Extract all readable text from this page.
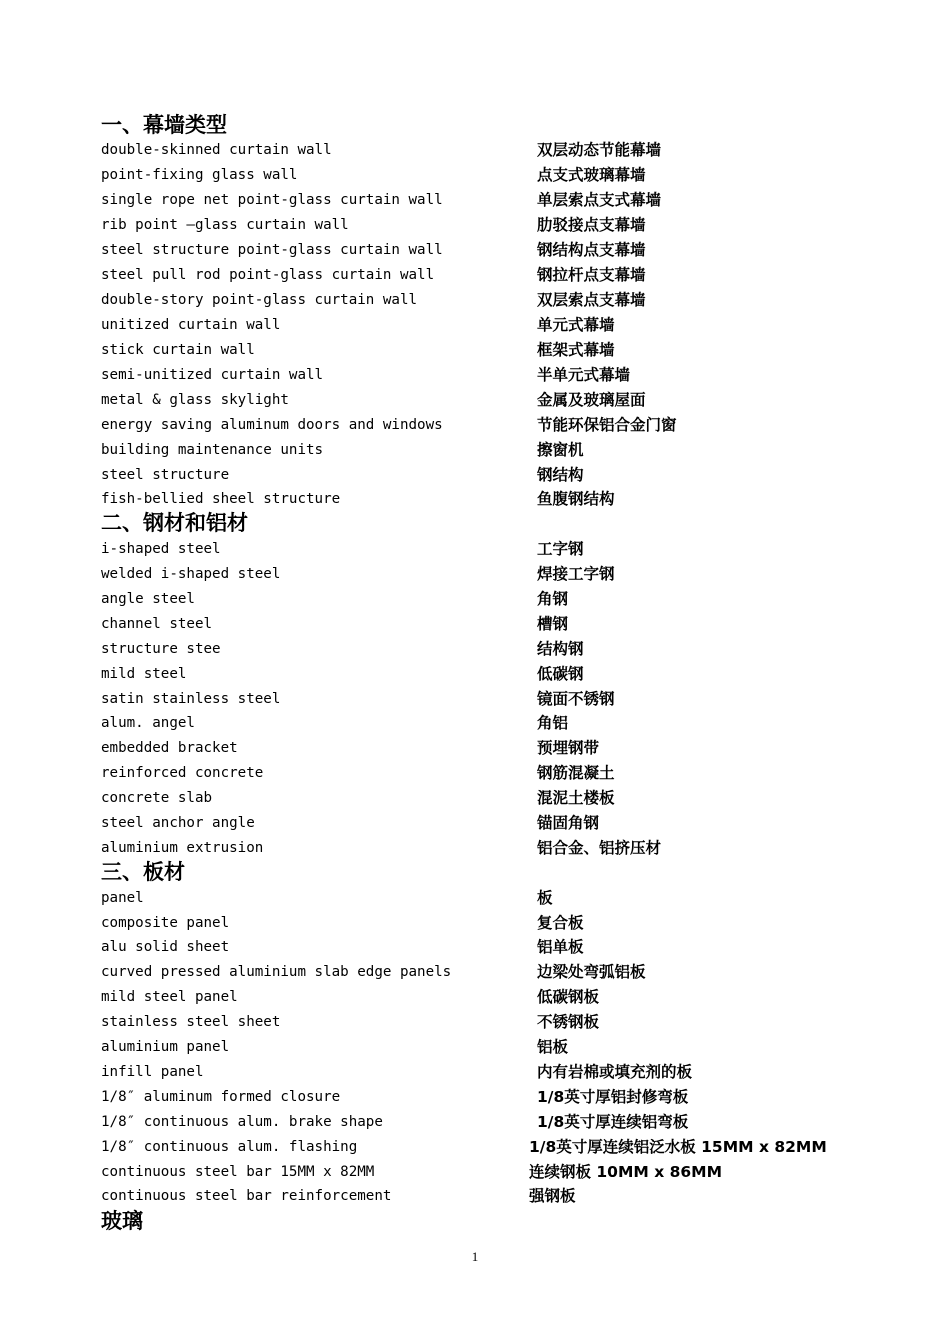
一、幕墙类型
double-skinned curtain wall	双层动态节能幕墙
point-fixing glass wall	点支式玻璃幕墙
single rope net point-glass curtain wall	单层索点支式幕墙
rib point –glass curtain wall	肋驳接点支幕墙
steel structure point-glass curtain wall	钢结构点支幕墙
steel pull rod point-glass curtain wall	钢拉杆点支幕墙
double-story point-glass curtain wall	双层索点支幕墙
unitized curtain wall	单元式幕墙
stick curtain wall	框架式幕墙
semi-unitized curtain wall	半单元式幕墙
metal & glass skylight	金属及玻璃屋面
energy saving aluminum doors and windows	节能环保铝合金门窗
building maintenance units	擦窗机
steel structure	钢结构
fish-bellied sheel structure	鱼腹钢结构
二、钢材和铝材
i-shaped steel	工字钢
welded i-shaped steel	焊接工字钢
angle steel	角钢
channel steel	槽钢
structure stee	结构钢
mild steel	低碳钢
satin stainless steel	镜面不锈钢
alum. angel	角铝
embedded bracket	预埋钢带
reinforced concrete	钢筋混凝土
concrete slab	混泥土楼板
steel anchor angle	锚固角钢
aluminium extrusion	铝合金、铝挤压材
三、板材
panel	板
composite panel	复合板
alu solid sheet	铝单板
curved pressed aluminium slab edge panels	边梁处弯弧铝板
mild steel panel	低碳钢板
stainless steel sheet	不锈钢板
aluminium panel	铝板
infill panel	内有岩棉或填充剂的板
1/8″ aluminum formed closure	1/8英寸厚铝封修弯板
1/8″ continuous alum. brake shape	1/8英寸厚连续铝弯板
1/8″ continuous alum. flashing	1/8英寸厚连续铝泛水板 15MM x 82MM
continuous steel bar 15MM x 82MM	连续钢板 10MM x 86MM
continuous steel bar reinforcement	强钢板
玻璃
1
